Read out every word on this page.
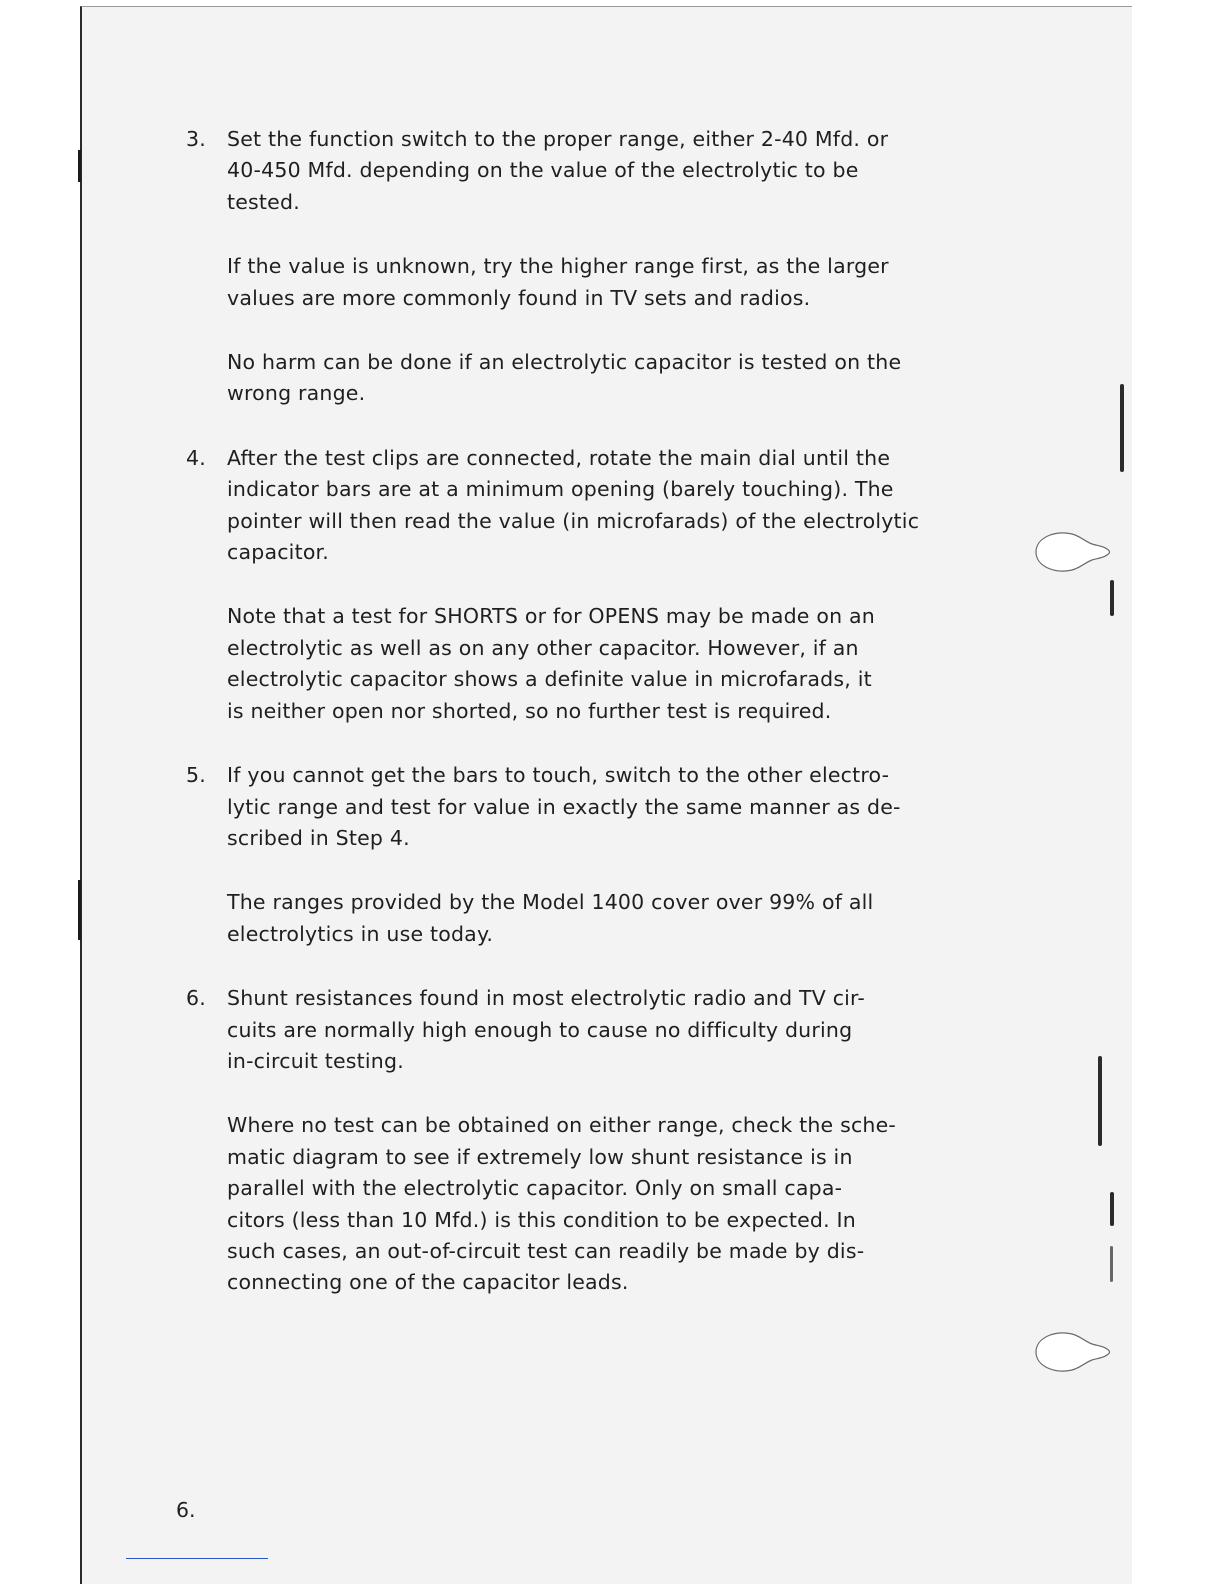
3.	Set the function switch to the proper range, either 2-40 Mfd. or
40-450 Mfd. depending on the value of the electrolytic to be
tested.

If the value is unknown, try the higher range first, as the larger
values are more commonly found in TV sets and radios.

No harm can be done if an electrolytic capacitor is tested on the
wrong range.

4.	After the test clips are connected, rotate the main dial until the
indicator bars are at a minimum opening (barely touching). The
pointer will then read the value (in microfarads) of the electrolytic
capacitor.

Note that a test for SHORTS or for OPENS may be made on an
electrolytic as well as on any other capacitor. However, if an
electrolytic capacitor shows a definite value in microfarads, it
is neither open nor shorted, so no further test is required.

5.	If you cannot get the bars to touch, switch to the other electro-
lytic range and test for value in exactly the same manner as de-
scribed in Step 4.

The ranges provided by the Model 1400 cover over 99% of all
electrolytics in use today.

6.	Shunt resistances found in most electrolytic radio and TV cir-
cuits are normally high enough to cause no difficulty during
in-circuit testing.

Where no test can be obtained on either range, check the sche-
matic diagram to see if extremely low shunt resistance is in
parallel with the electrolytic capacitor. Only on small capa-
citors (less than 10 Mfd.) is this condition to be expected. In
such cases, an out-of-circuit test can readily be made by dis-
connecting one of the capacitor leads.

6.
